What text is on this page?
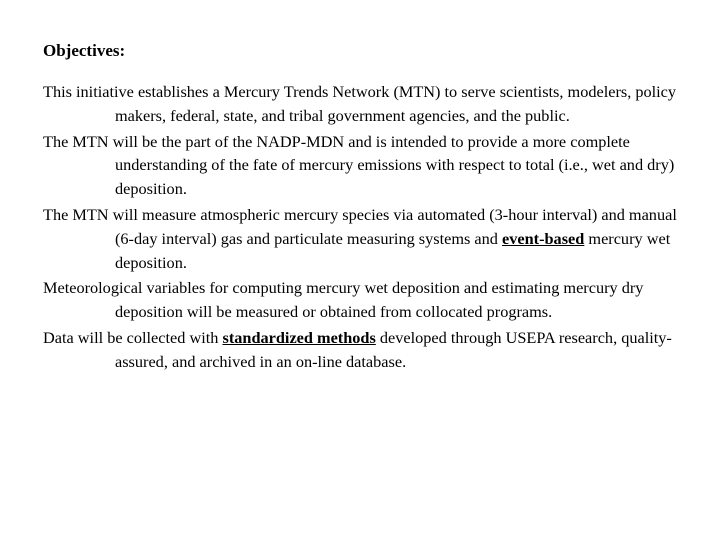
Objectives:

This initiative establishes a Mercury Trends Network (MTN) to serve scientists, modelers, policy makers, federal, state, and tribal government agencies, and the public.

The MTN will be the part of the NADP-MDN and is intended to provide a more complete understanding of the fate of mercury emissions with respect to total (i.e., wet and dry) deposition.

The MTN will measure atmospheric mercury species via automated (3-hour interval) and manual (6-day interval) gas and particulate measuring systems and event-based mercury wet deposition.

Meteorological variables for computing mercury wet deposition and estimating mercury dry deposition will be measured or obtained from collocated programs.

Data will be collected with standardized methods developed through USEPA research, quality-assured, and archived in an on-line database.
